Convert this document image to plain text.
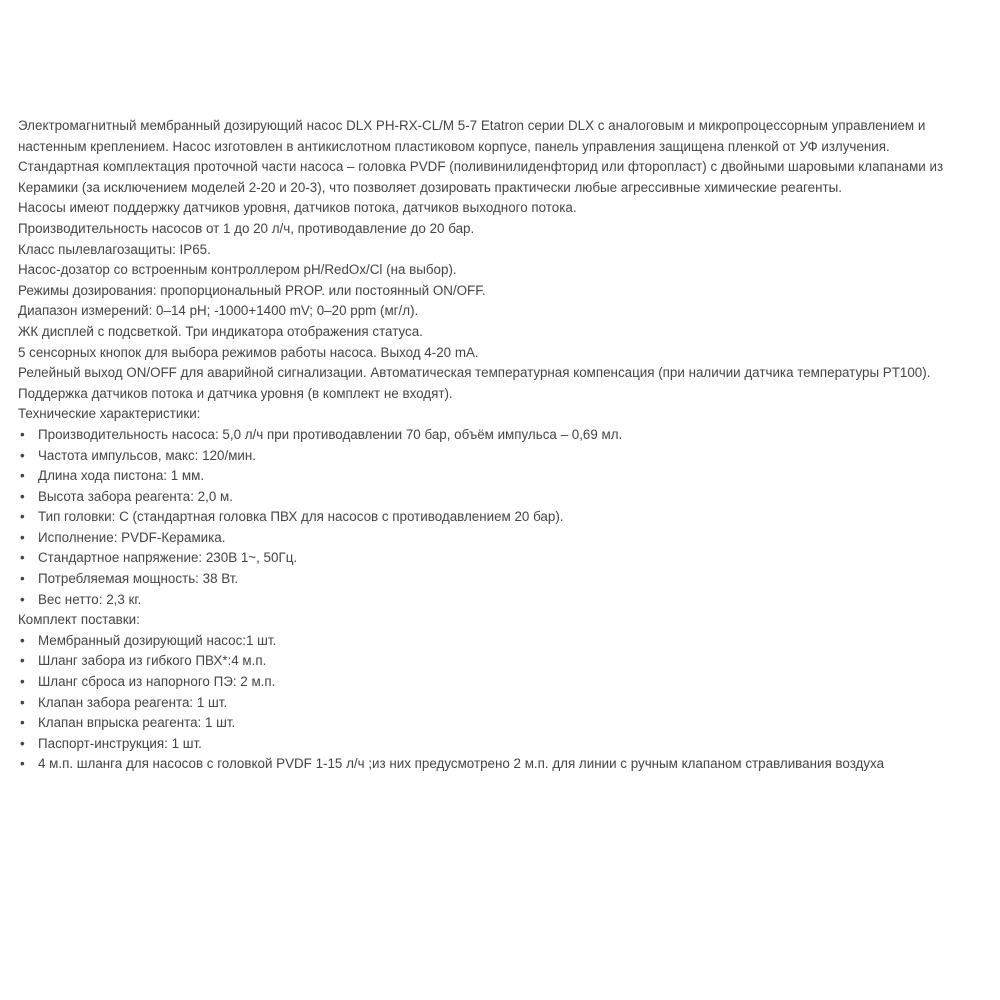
Электромагнитный мембранный дозирующий насос DLX PH-RX-CL/M 5-7 Etatron серии DLX с аналоговым и микропроцессорным управлением и настенным креплением. Насос изготовлен в антикислотном пластиковом корпусе, панель управления защищена пленкой от УФ излучения.

Стандартная комплектация проточной части насоса – головка PVDF (поливинилиденфторид или фторопласт) с двойными шаровыми клапанами из Керамики (за исключением моделей 2-20 и 20-3), что позволяет дозировать практически любые агрессивные химические реагенты.

Насосы имеют поддержку датчиков уровня, датчиков потока, датчиков выходного потока.

Производительность насосов от 1 до 20 л/ч, противодавление до 20 бар.

Класс пылевлагозащиты: IP65.

Насос-дозатор со встроенным контроллером pH/RedOx/Cl (на выбор).

Режимы дозирования: пропорциональный PROP. или постоянный ON/OFF.

Диапазон измерений: 0–14 pH; -1000+1400 mV; 0–20 ppm (мг/л).

ЖК дисплей с подсветкой. Три индикатора отображения статуса.

5 сенсорных кнопок для выбора режимов работы насоса. Выход 4-20 mA.

Релейный выход ON/OFF для аварийной сигнализации. Автоматическая температурная компенсация (при наличии датчика температуры PT100).

Поддержка датчиков потока и датчика уровня (в комплект не входят).

Технические характеристики:

• Производительность насоса: 5,0 л/ч при противодавлении 70 бар, объём импульса – 0,69 мл.
• Частота импульсов, макс: 120/мин.
• Длина хода пистона: 1 мм.
• Высота забора реагента: 2,0 м.
• Тип головки: С (стандартная головка ПВХ для насосов с противодавлением 20 бар).
• Исполнение: PVDF-Керамика.
• Стандартное напряжение: 230В 1~, 50Гц.
• Потребляемая мощность: 38 Вт.
• Вес нетто: 2,3 кг.

Комплект поставки:

• Мембранный дозирующий насос:1 шт.
• Шланг забора из гибкого ПВХ*:4 м.п.
• Шланг сброса из напорного ПЭ: 2 м.п.
• Клапан забора реагента: 1 шт.
• Клапан впрыска реагента: 1 шт.
• Паспорт-инструкция: 1 шт.
• 4 м.п. шланга для насосов с головкой PVDF 1-15 л/ч ;из них предусмотрено 2 м.п. для линии с ручным клапаном стравливания воздуха
